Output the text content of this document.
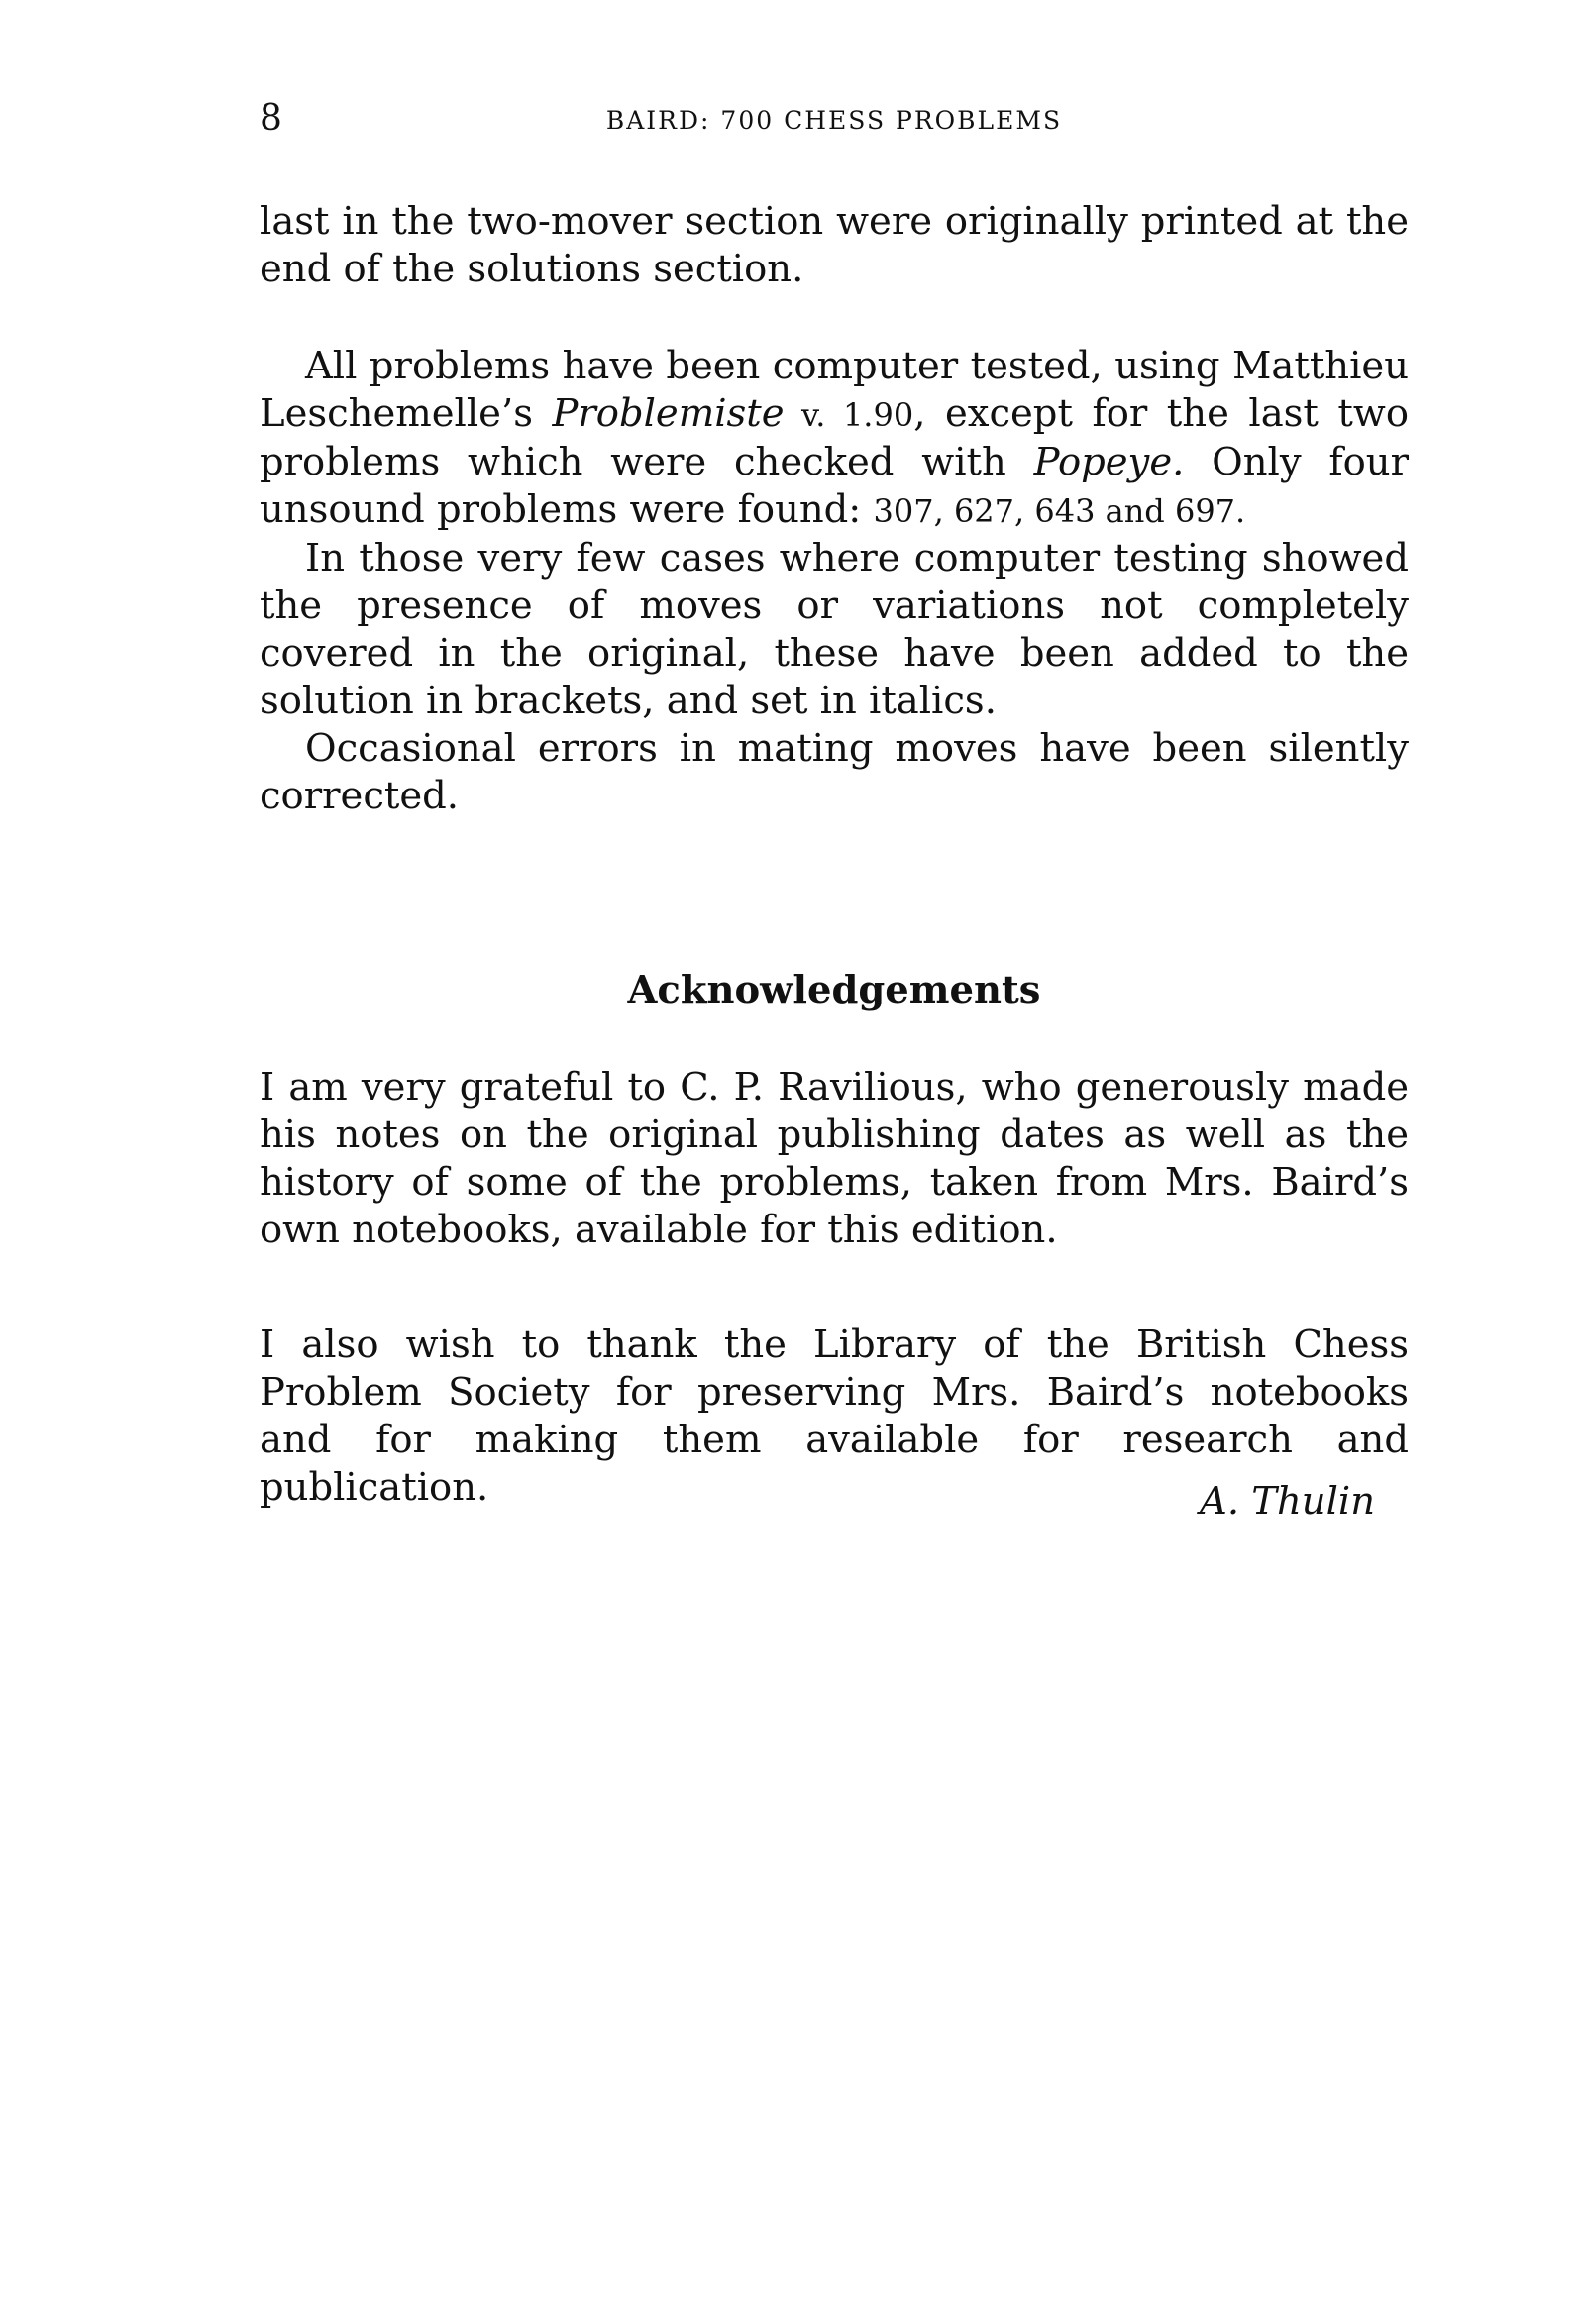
8	BAIRD: 700 CHESS PROBLEMS

last in the two-mover section were originally printed at the end of the solutions section.

All problems have been computer tested, using Matthieu Leschemelle’s Problemiste v. 1.90, except for the last two problems which were checked with Popeye. Only four unsound problems were found: 307, 627, 643 and 697.

In those very few cases where computer testing showed the presence of moves or variations not completely covered in the original, these have been added to the solution in brackets, and set in italics.

Occasional errors in mating moves have been silently corrected.

Acknowledgements

I am very grateful to C. P. Ravilious, who generously made his notes on the original publishing dates as well as the history of some of the problems, taken from Mrs. Baird’s own notebooks, available for this edition.

I also wish to thank the Library of the British Chess Problem Society for preserving Mrs. Baird’s notebooks and for making them available for research and publication.	A. Thulin
